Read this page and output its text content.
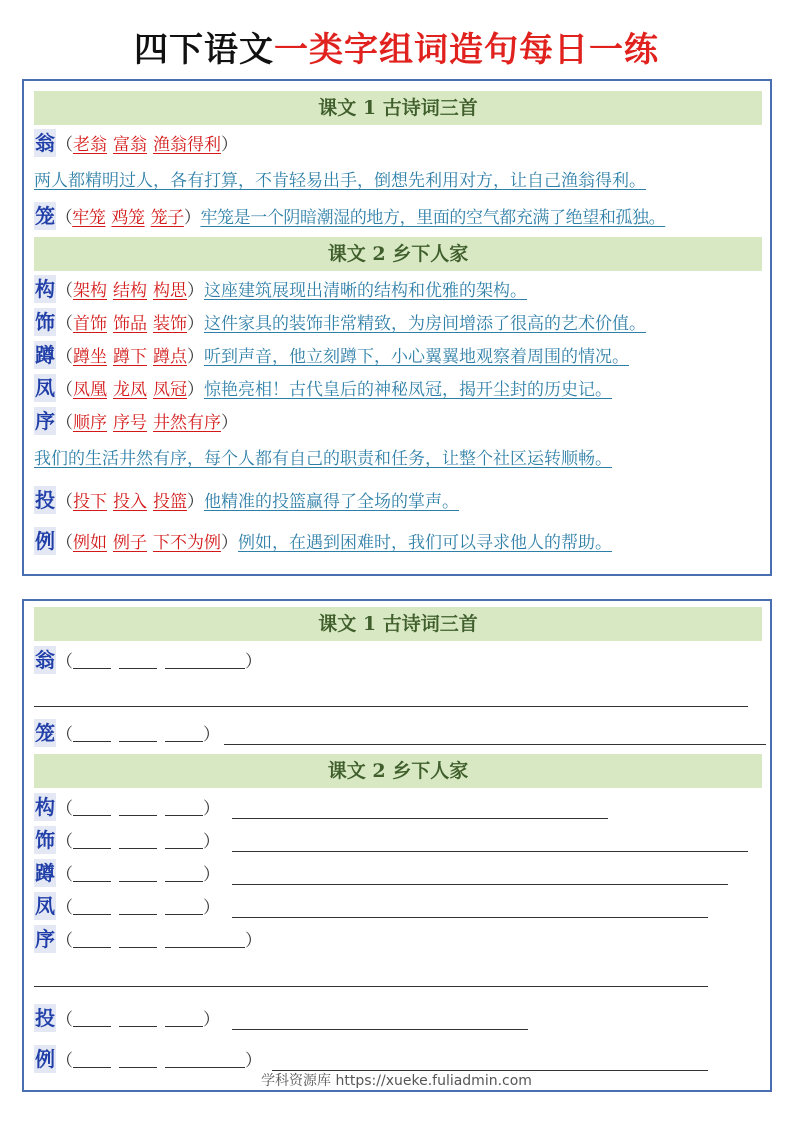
四下语文一类字组词造句每日一练
课文 1 古诗词三首
翁（老翁 富翁 渔翁得利）
两人都精明过人，各有打算，不肯轻易出手，倒想先利用对方，让自己渔翁得利。
笼（牢笼 鸡笼 笼子）牢笼是一个阴暗潮湿的地方，里面的空气都充满了绝望和孤独。
课文 2 乡下人家
构（架构 结构 构思）这座建筑展现出清晰的结构和优雅的架构。
饰（首饰 饰品 装饰）这件家具的装饰非常精致，为房间增添了很高的艺术价值。
蹲（蹲坐 蹲下 蹲点）听到声音，他立刻蹲下，小心翼翼地观察着周围的情况。
凤（凤凰 龙凤 凤冠）惊艳亮相！古代皇后的神秘凤冠，揭开尘封的历史记。
序（顺序 序号 井然有序）
我们的生活井然有序，每个人都有自己的职责和任务，让整个社区运转顺畅。
投（投下 投入 投篮）他精准的投篮赢得了全场的掌声。
例（例如 例子 下不为例）例如，在遇到困难时，我们可以寻求他人的帮助。
课文 1 古诗词三首
翁（	）
笼（	）
课文 2 乡下人家
构（	）
饰（	）
蹲（	）
凤（	）
序（	）
投（	）
例（	）
学科资源库 https://xueke.fuliadmin.com
